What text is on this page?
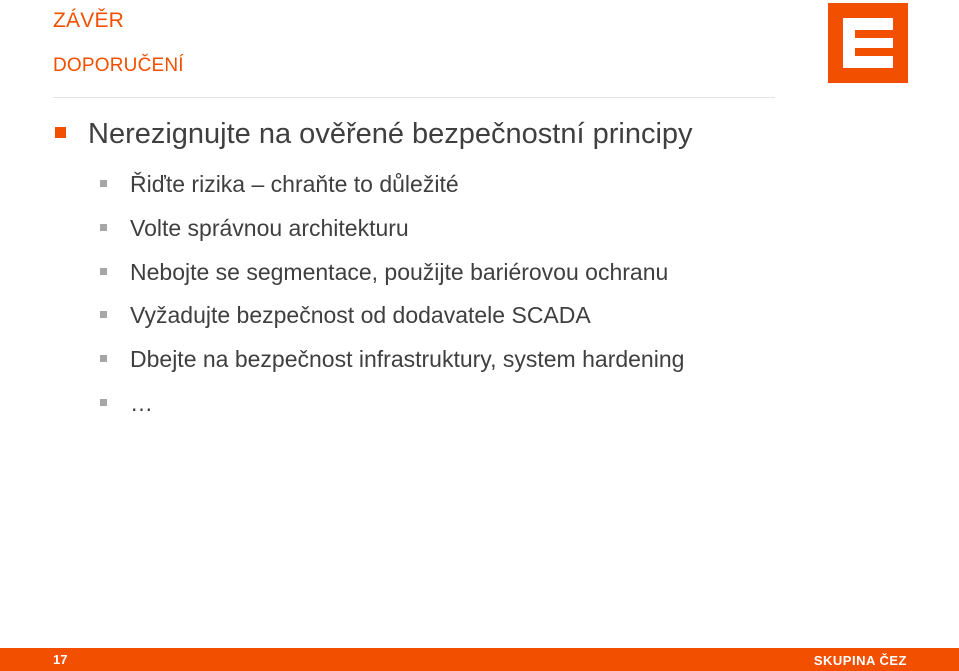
ZÁVĚR
DOPORUČENÍ
Nerezignujte na ověřené bezpečnostní principy
Řiďte rizika – chraňte to důležité
Volte správnou architekturu
Nebojte se segmentace, použijte bariérovou ochranu
Vyžadujte bezpečnost od dodavatele SCADA
Dbejte na bezpečnost infrastruktury, system hardening
…
17	SKUPINA ČEZ
